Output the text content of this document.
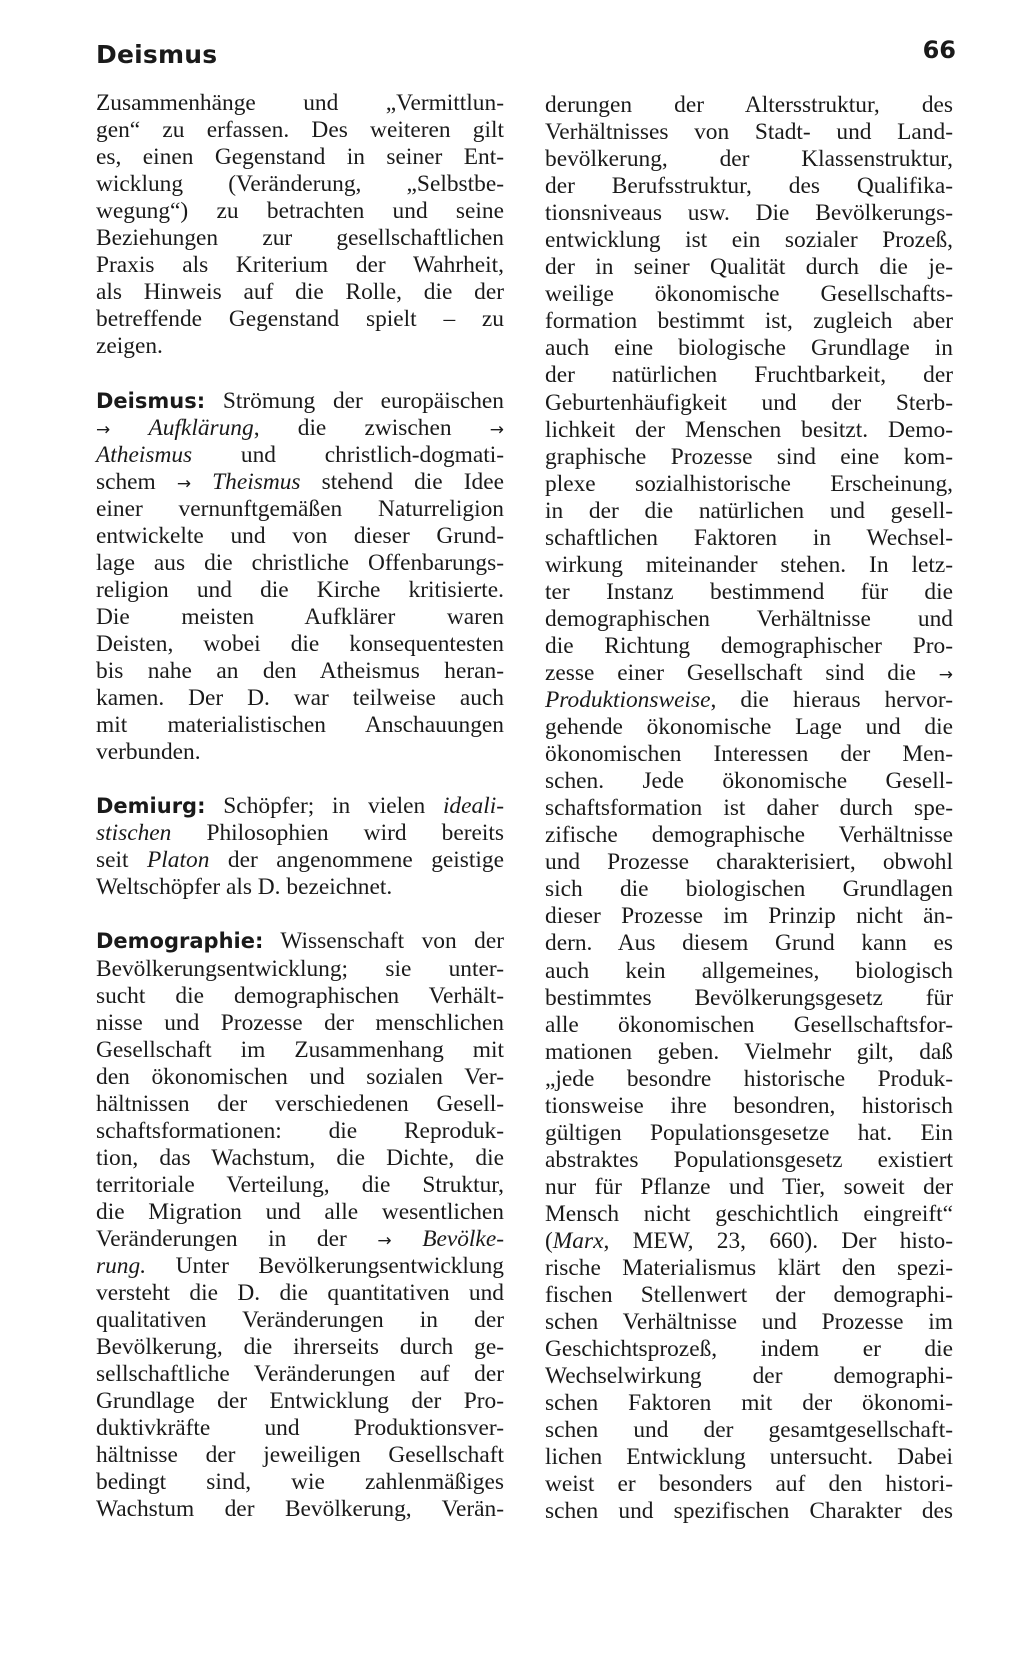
Deismus	66
Zusammenhänge und „Vermittlun-
gen“ zu erfassen. Des weiteren gilt
es, einen Gegenstand in seiner Ent-
wicklung (Veränderung, „Selbstbe-
wegung“) zu betrachten und seine
Beziehungen zur gesellschaftlichen
Praxis als Kriterium der Wahrheit,
als Hinweis auf die Rolle, die der
betreffende Gegenstand spielt – zu
zeigen.
Deismus: Strömung der europäischen
→ Aufklärung, die zwischen →
Atheismus und christlich-dogmati-
schem → Theismus stehend die Idee
einer vernunftgemäßen Naturreligion
entwickelte und von dieser Grund-
lage aus die christliche Offenbarungs-
religion und die Kirche kritisierte.
Die meisten Aufklärer waren
Deisten, wobei die konsequentesten
bis nahe an den Atheismus heran-
kamen. Der D. war teilweise auch
mit materialistischen Anschauungen
verbunden.
Demiurg: Schöpfer; in vielen ideali-
stischen Philosophien wird bereits
seit Platon der angenommene geistige
Weltschöpfer als D. bezeichnet.
Demographie: Wissenschaft von der
Bevölkerungsentwicklung; sie unter-
sucht die demographischen Verhält-
nisse und Prozesse der menschlichen
Gesellschaft im Zusammenhang mit
den ökonomischen und sozialen Ver-
hältnissen der verschiedenen Gesell-
schaftsformationen: die Reproduk-
tion, das Wachstum, die Dichte, die
territoriale Verteilung, die Struktur,
die Migration und alle wesentlichen
Veränderungen in der → Bevölke-
rung. Unter Bevölkerungsentwicklung
versteht die D. die quantitativen und
qualitativen Veränderungen in der
Bevölkerung, die ihrerseits durch ge-
sellschaftliche Veränderungen auf der
Grundlage der Entwicklung der Pro-
duktivkräfte und Produktionsver-
hältnisse der jeweiligen Gesellschaft
bedingt sind, wie zahlenmäßiges
Wachstum der Bevölkerung, Verän-
derungen der Altersstruktur, des
Verhältnisses von Stadt- und Land-
bevölkerung, der Klassenstruktur,
der Berufsstruktur, des Qualifika-
tionsniveaus usw. Die Bevölkerungs-
entwicklung ist ein sozialer Prozeß,
der in seiner Qualität durch die je-
weilige ökonomische Gesellschafts-
formation bestimmt ist, zugleich aber
auch eine biologische Grundlage in
der natürlichen Fruchtbarkeit, der
Geburtenhäufigkeit und der Sterb-
lichkeit der Menschen besitzt. Demo-
graphische Prozesse sind eine kom-
plexe sozialhistorische Erscheinung,
in der die natürlichen und gesell-
schaftlichen Faktoren in Wechsel-
wirkung miteinander stehen. In letz-
ter Instanz bestimmend für die
demographischen Verhältnisse und
die Richtung demographischer Pro-
zesse einer Gesellschaft sind die →
Produktionsweise, die hieraus hervor-
gehende ökonomische Lage und die
ökonomischen Interessen der Men-
schen. Jede ökonomische Gesell-
schaftsformation ist daher durch spe-
zifische demographische Verhältnisse
und Prozesse charakterisiert, obwohl
sich die biologischen Grundlagen
dieser Prozesse im Prinzip nicht än-
dern. Aus diesem Grund kann es
auch kein allgemeines, biologisch
bestimmtes Bevölkerungsgesetz für
alle ökonomischen Gesellschaftsfor-
mationen geben. Vielmehr gilt, daß
„jede besondre historische Produk-
tionsweise ihre besondren, historisch
gültigen Populationsgesetze hat. Ein
abstraktes Populationsgesetz existiert
nur für Pflanze und Tier, soweit der
Mensch nicht geschichtlich eingreift“
(Marx, MEW, 23, 660). Der histo-
rische Materialismus klärt den spezi-
fischen Stellenwert der demographi-
schen Verhältnisse und Prozesse im
Geschichtsprozeß, indem er die
Wechselwirkung der demographi-
schen Faktoren mit der ökonomi-
schen und der gesamtgesellschaft-
lichen Entwicklung untersucht. Dabei
weist er besonders auf den histori-
schen und spezifischen Charakter des
